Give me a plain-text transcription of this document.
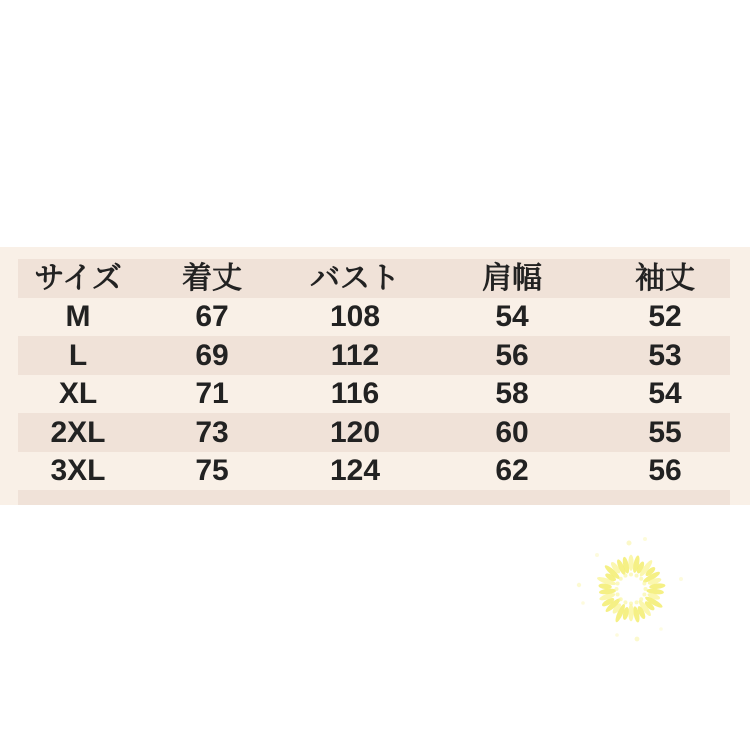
サイズ	着丈	バスト	肩幅	袖丈
M	67	108	54	52
L	69	112	56	53
XL	71	116	58	54
2XL	73	120	60	55
3XL	75	124	62	56
